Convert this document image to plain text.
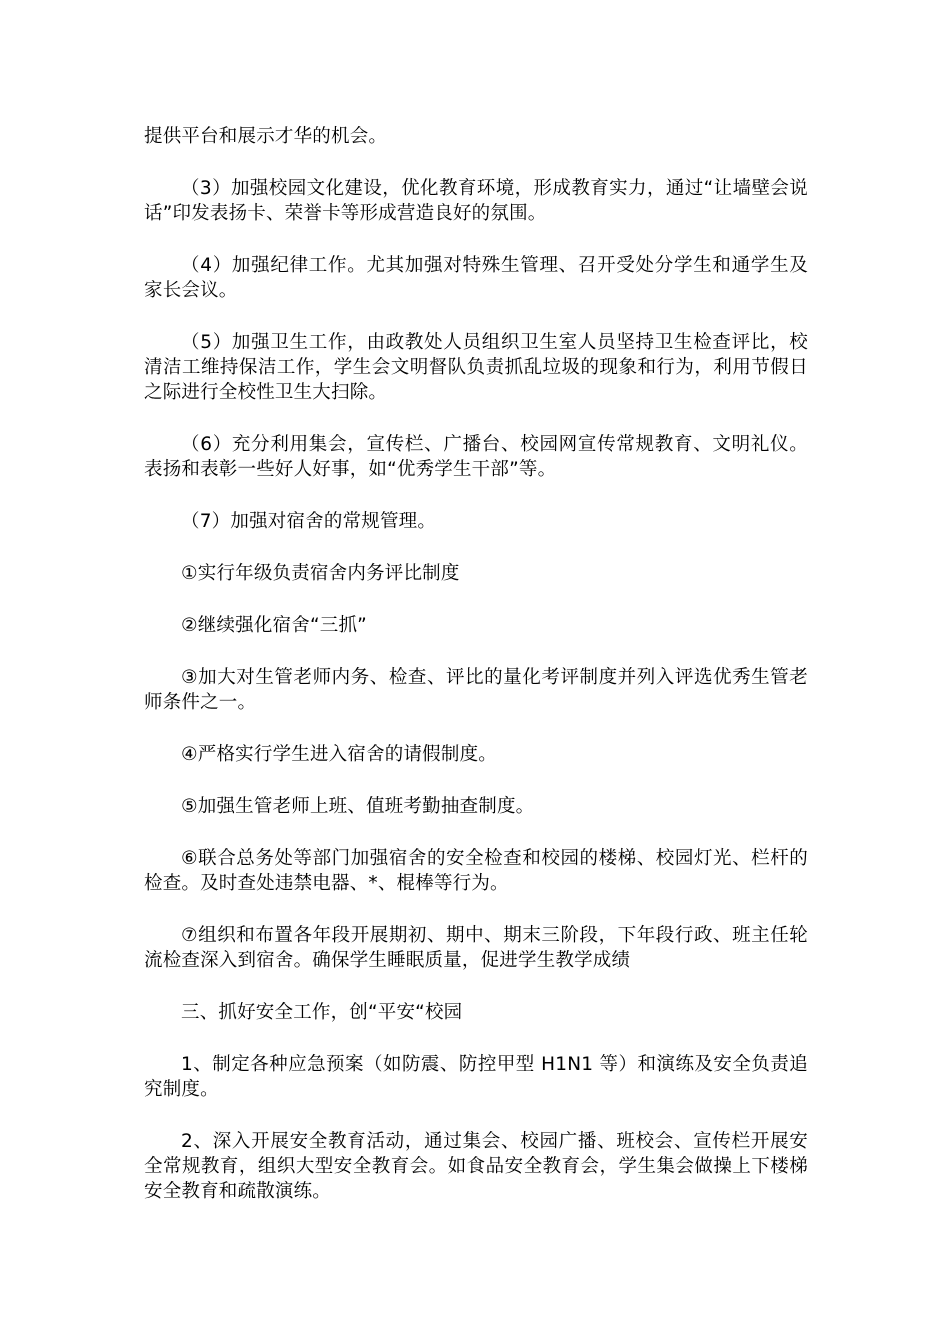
提供平台和展示才华的机会。

（3）加强校园文化建设，优化教育环境，形成教育实力，通过“让墙壁会说话”印发表扬卡、荣誉卡等形成营造良好的氛围。

（4）加强纪律工作。尤其加强对特殊生管理、召开受处分学生和通学生及家长会议。

（5）加强卫生工作，由政教处人员组织卫生室人员坚持卫生检查评比，校清洁工维持保洁工作，学生会文明督队负责抓乱垃圾的现象和行为，利用节假日之际进行全校性卫生大扫除。

（6）充分利用集会，宣传栏、广播台、校园网宣传常规教育、文明礼仪。表扬和表彰一些好人好事，如“优秀学生干部”等。

（7）加强对宿舍的常规管理。

①实行年级负责宿舍内务评比制度

②继续强化宿舍“三抓”

③加大对生管老师内务、检查、评比的量化考评制度并列入评选优秀生管老师条件之一。

④严格实行学生进入宿舍的请假制度。

⑤加强生管老师上班、值班考勤抽查制度。

⑥联合总务处等部门加强宿舍的安全检查和校园的楼梯、校园灯光、栏杆的检查。及时查处违禁电器、*、棍棒等行为。

⑦组织和布置各年段开展期初、期中、期末三阶段，下年段行政、班主任轮流检查深入到宿舍。确保学生睡眠质量，促进学生教学成绩

三、抓好安全工作，创“平安“校园

1、制定各种应急预案（如防震、防控甲型 H1N1 等）和演练及安全负责追究制度。

2、深入开展安全教育活动，通过集会、校园广播、班校会、宣传栏开展安全常规教育，组织大型安全教育会。如食品安全教育会，学生集会做操上下楼梯安全教育和疏散演练。
